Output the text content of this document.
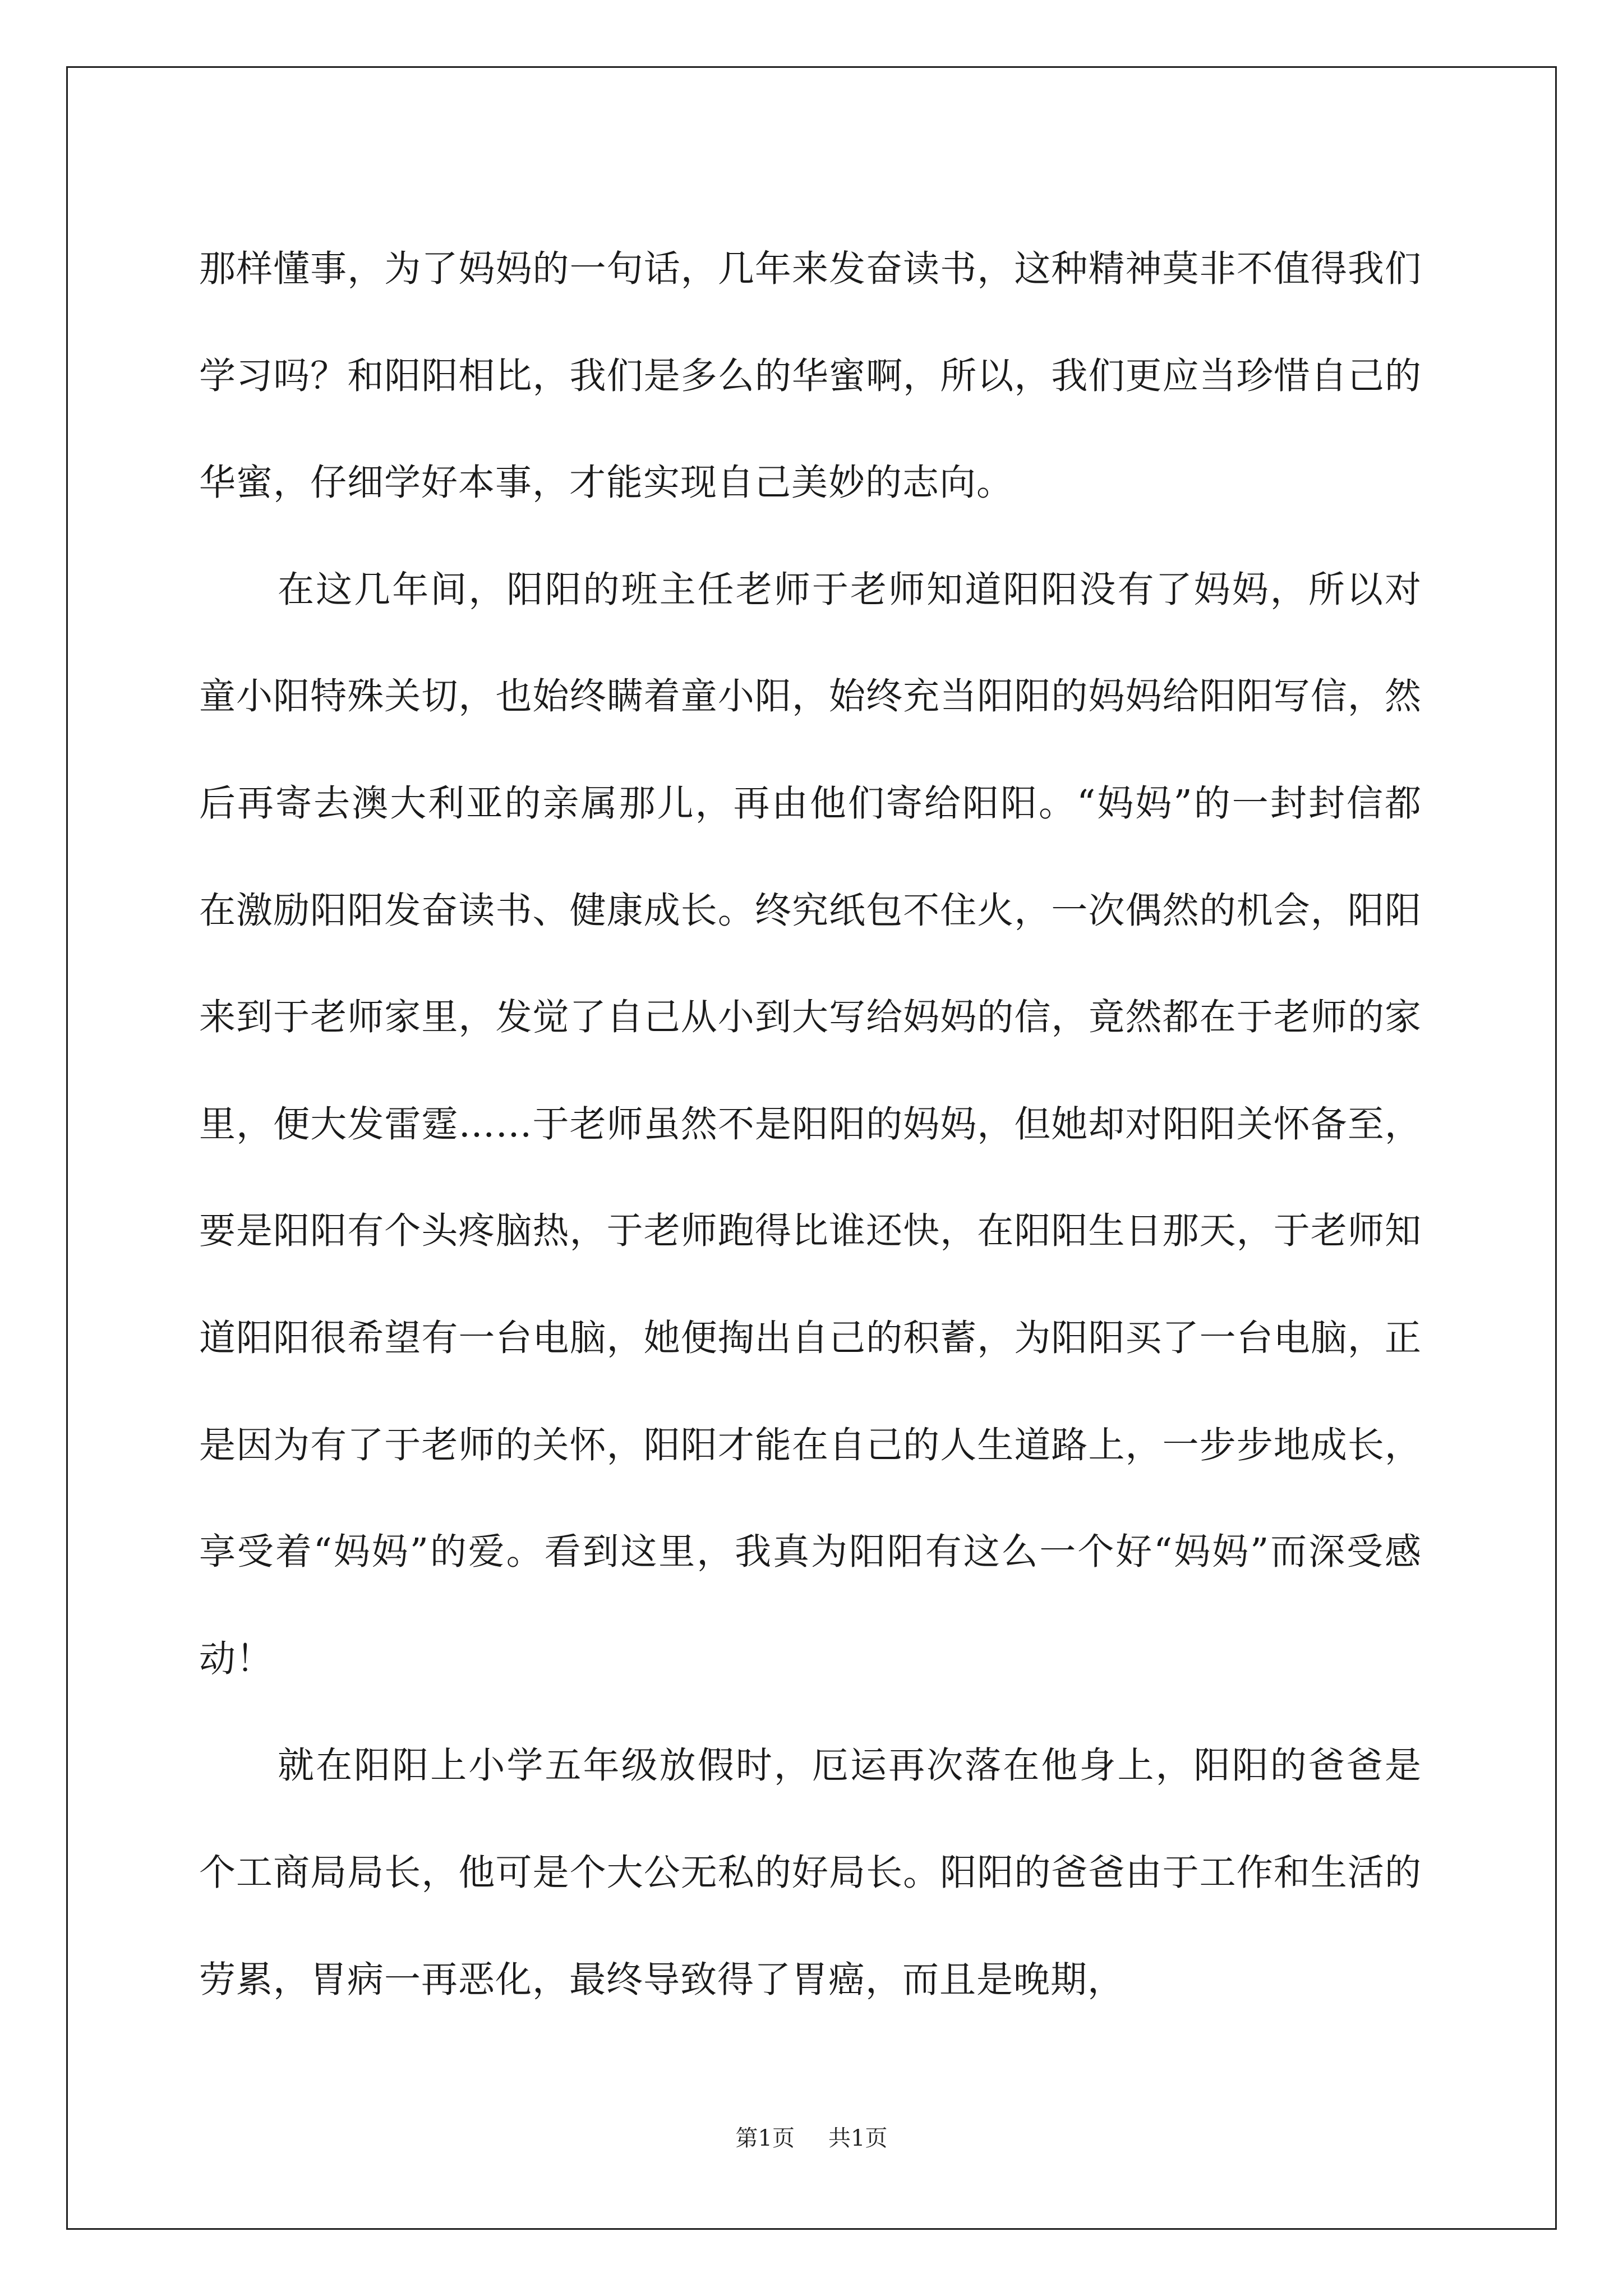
那样懂事，为了妈妈的一句话，几年来发奋读书，这种精神莫非不值得我们学习吗？和阳阳相比，我们是多么的华蜜啊，所以，我们更应当珍惜自己的华蜜，仔细学好本事，才能实现自己美妙的志向。

在这几年间，阳阳的班主任老师于老师知道阳阳没有了妈妈，所以对童小阳特殊关切，也始终瞒着童小阳，始终充当阳阳的妈妈给阳阳写信，然后再寄去澳大利亚的亲属那儿，再由他们寄给阳阳。“妈妈”的一封封信都在激励阳阳发奋读书、健康成长。终究纸包不住火，一次偶然的机会，阳阳来到于老师家里，发觉了自己从小到大写给妈妈的信，竟然都在于老师的家里，便大发雷霆……于老师虽然不是阳阳的妈妈，但她却对阳阳关怀备至，要是阳阳有个头疼脑热，于老师跑得比谁还快，在阳阳生日那天，于老师知道阳阳很希望有一台电脑，她便掏出自己的积蓄，为阳阳买了一台电脑，正是因为有了于老师的关怀，阳阳才能在自己的人生道路上，一步步地成长，享受着“妈妈”的爱。看到这里，我真为阳阳有这么一个好“妈妈”而深受感动！

就在阳阳上小学五年级放假时，厄运再次落在他身上，阳阳的爸爸是个工商局局长，他可是个大公无私的好局长。阳阳的爸爸由于工作和生活的劳累，胃病一再恶化，最终导致得了胃癌，而且是晚期，

第1页 共1页
